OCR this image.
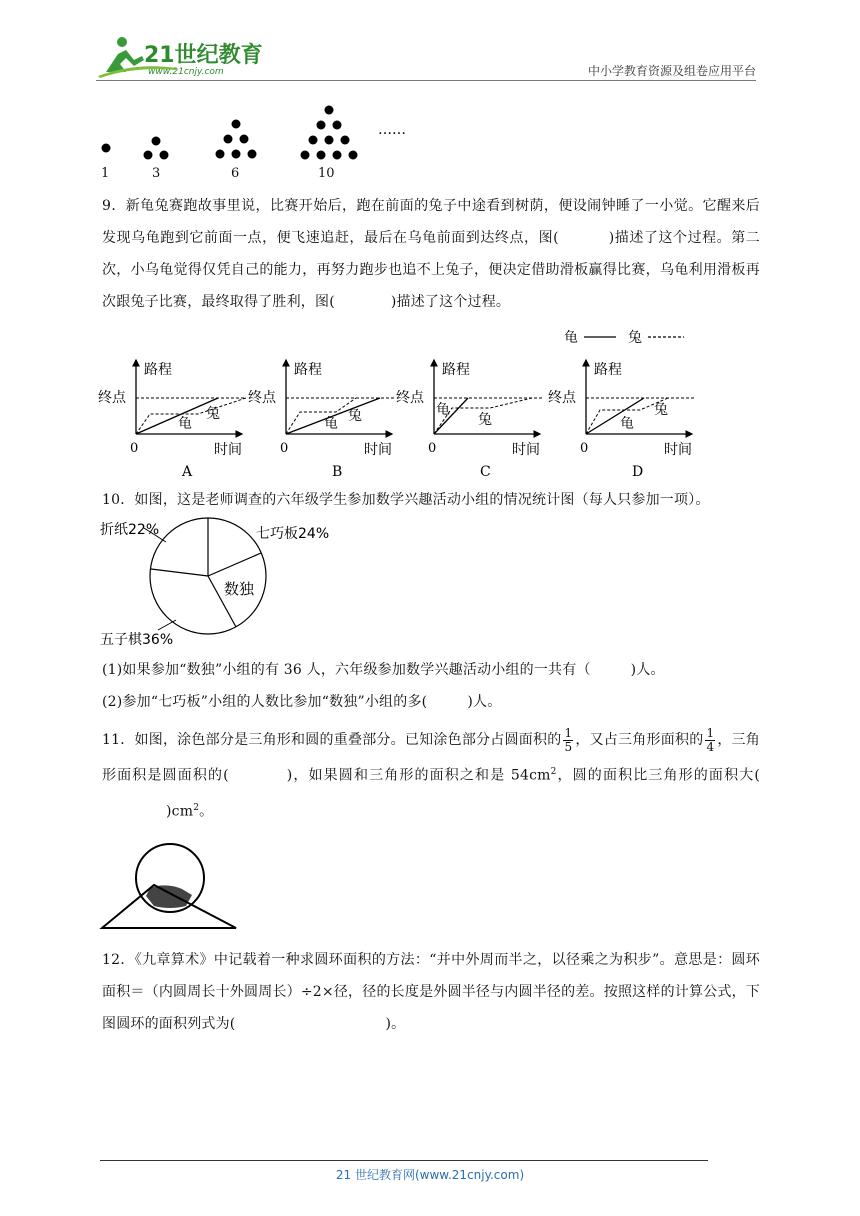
21世纪教育
www.21cnjy.com	中小学教育资源及组卷应用平台
……
1	3	6	10
9．新龟兔赛跑故事里说，比赛开始后，跑在前面的兔子中途看到树荫，便设闹钟睡了一小觉。它醒来后发现乌龟跑到它前面一点，便飞速追赶，最后在乌龟前面到达终点，图(	)描述了这个过程。第二次，小乌龟觉得仅凭自己的能力，再努力跑步也追不上兔子，便决定借助滑板赢得比赛，乌龟利用滑板再次跟兔子比赛，最终取得了胜利，图(	)描述了这个过程。
龟	兔
路程
终点
0	时间
龟
兔
A
路程
终点
0	时间
龟 兔
B
路程
终点
0	时间
龟
兔
C
路程
终点
0	时间
龟
兔
D
10．如图，这是老师调查的六年级学生参加数学兴趣活动小组的情况统计图（每人只参加一项）。
折纸22%	七巧板24%
数独
五子棋36%
(1)如果参加“数独”小组的有 36 人，六年级参加数学兴趣活动小组的一共有（	)人。
(2)参加“七巧板”小组的人数比参加“数独”小组的多(	)人。
11．如图，涂色部分是三角形和圆的重叠部分。已知涂色部分占圆面积的 $\frac{1}{5}$ ，又占三角形面积的 $\frac{1}{4}$ ，三角形面积是圆面积的(	)，如果圆和三角形的面积之和是 $54cm^2$，圆的面积比三角形的面积大$()cm^2$。
12．《九章算术》中记载着一种求圆环面积的方法：“并中外周而半之，以径乘之为积步”。意思是：圆环面积＝（内圆周长十外圆周长）÷2×径，径的长度是外圆半径与内圆半径的差。按照这样的计算公式，下图圆环的面积列式为(	)。
21 世纪教育网(www.21cnjy.com)
